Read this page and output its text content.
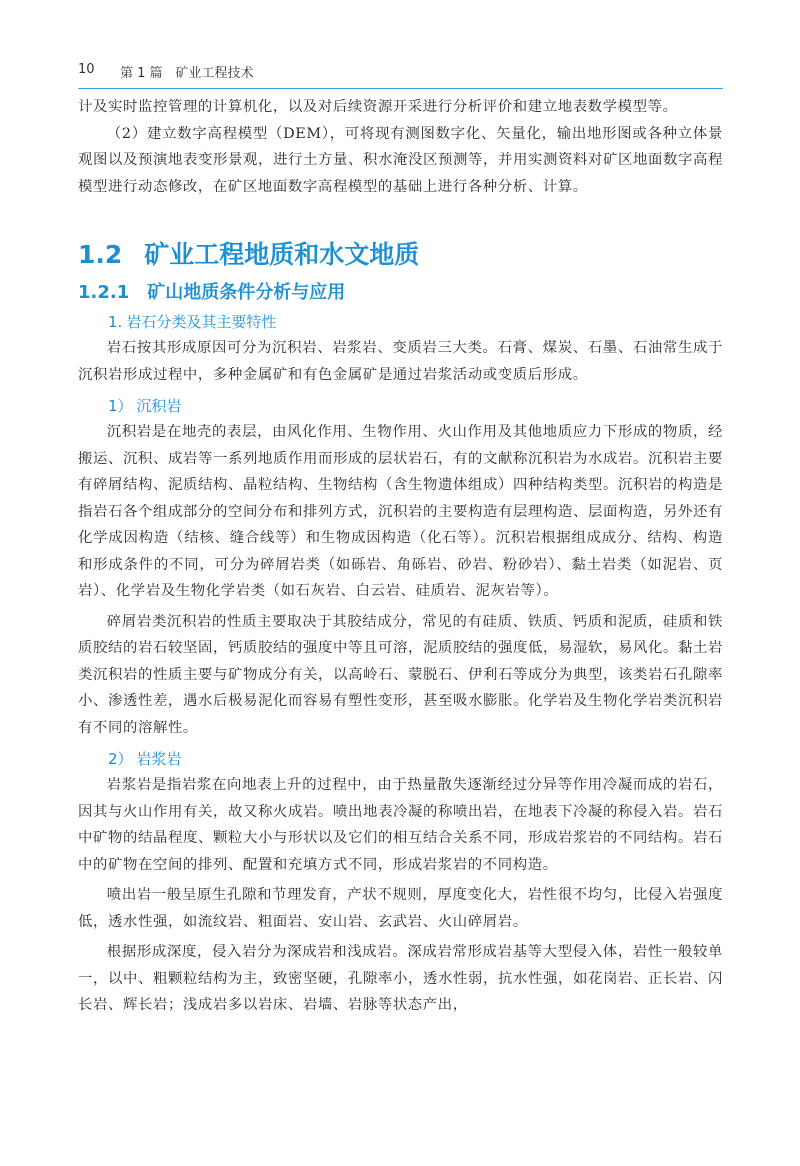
10 第 1 篇　矿业工程技术

计及实时监控管理的计算机化，以及对后续资源开采进行分析评价和建立地表数学模型等。

（2）建立数字高程模型（DEM），可将现有测图数字化、矢量化，输出地形图或各种立体景观图以及预演地表变形景观，进行土方量、积水淹没区预测等，并用实测资料对矿区地面数字高程模型进行动态修改，在矿区地面数字高程模型的基础上进行各种分析、计算。

1.2 矿业工程地质和水文地质
1.2.1 矿山地质条件分析与应用
1. 岩石分类及其主要特性

岩石按其形成原因可分为沉积岩、岩浆岩、变质岩三大类。石膏、煤炭、石墨、石油常生成于沉积岩形成过程中，多种金属矿和有色金属矿是通过岩浆活动或变质后形成。

1） 沉积岩

沉积岩是在地壳的表层，由风化作用、生物作用、火山作用及其他地质应力下形成的物质，经搬运、沉积、成岩等一系列地质作用而形成的层状岩石，有的文献称沉积岩为水成岩。沉积岩主要有碎屑结构、泥质结构、晶粒结构、生物结构（含生物遗体组成）四种结构类型。沉积岩的构造是指岩石各个组成部分的空间分布和排列方式，沉积岩的主要构造有层理构造、层面构造，另外还有化学成因构造（结核、缝合线等）和生物成因构造（化石等）。沉积岩根据组成成分、结构、构造和形成条件的不同，可分为碎屑岩类（如砾岩、角砾岩、砂岩、粉砂岩）、黏土岩类（如泥岩、页岩）、化学岩及生物化学岩类（如石灰岩、白云岩、硅质岩、泥灰岩等）。

碎屑岩类沉积岩的性质主要取决于其胶结成分，常见的有硅质、铁质、钙质和泥质，硅质和铁质胶结的岩石较坚固，钙质胶结的强度中等且可溶，泥质胶结的强度低，易湿软，易风化。黏土岩类沉积岩的性质主要与矿物成分有关，以高岭石、蒙脱石、伊利石等成分为典型，该类岩石孔隙率小、渗透性差，遇水后极易泥化而容易有塑性变形，甚至吸水膨胀。化学岩及生物化学岩类沉积岩有不同的溶解性。

2） 岩浆岩

岩浆岩是指岩浆在向地表上升的过程中，由于热量散失逐渐经过分异等作用冷凝而成的岩石，因其与火山作用有关，故又称火成岩。喷出地表冷凝的称喷出岩，在地表下冷凝的称侵入岩。岩石中矿物的结晶程度、颗粒大小与形状以及它们的相互结合关系不同，形成岩浆岩的不同结构。岩石中的矿物在空间的排列、配置和充填方式不同，形成岩浆岩的不同构造。

喷出岩一般呈原生孔隙和节理发育，产状不规则，厚度变化大，岩性很不均匀，比侵入岩强度低，透水性强，如流纹岩、粗面岩、安山岩、玄武岩、火山碎屑岩。

根据形成深度，侵入岩分为深成岩和浅成岩。深成岩常形成岩基等大型侵入体，岩性一般较单一，以中、粗颗粒结构为主，致密坚硬，孔隙率小，透水性弱，抗水性强，如花岗岩、正长岩、闪长岩、辉长岩；浅成岩多以岩床、岩墙、岩脉等状态产出，
